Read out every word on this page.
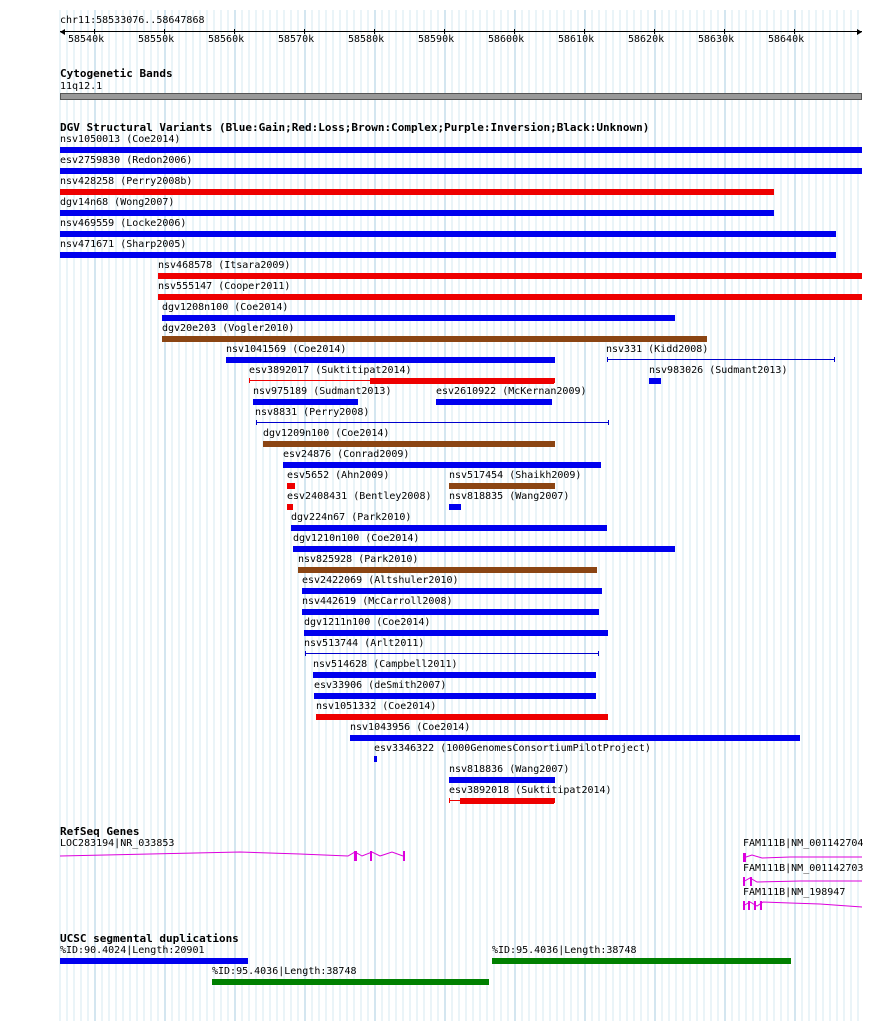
chr11:58533076..58647868
58540k	58550k	58560k	58570k	58580k	58590k	58600k	58610k	58620k	58630k	58640k
Cytogenetic Bands
11q12.1
DGV Structural Variants (Blue:Gain;Red:Loss;Brown:Complex;Purple:Inversion;Black:Unknown)
nsv1050013 (Coe2014)
esv2759830 (Redon2006)
nsv428258 (Perry2008b)
dgv14n68 (Wong2007)
nsv469559 (Locke2006)
nsv471671 (Sharp2005)
nsv468578 (Itsara2009)
nsv555147 (Cooper2011)
dgv1208n100 (Coe2014)
dgv20e203 (Vogler2010)
nsv1041569 (Coe2014)	nsv331 (Kidd2008)
esv3892017 (Suktitipat2014)	nsv983026 (Sudmant2013)
nsv975189 (Sudmant2013)	esv2610922 (McKernan2009)
nsv8831 (Perry2008)
dgv1209n100 (Coe2014)
esv24876 (Conrad2009)
esv5652 (Ahn2009)	nsv517454 (Shaikh2009)
esv2408431 (Bentley2008) nsv818835 (Wang2007)
dgv224n67 (Park2010)
dgv1210n100 (Coe2014)
nsv825928 (Park2010)
esv2422069 (Altshuler2010)
nsv442619 (McCarroll2008)
dgv1211n100 (Coe2014)
nsv513744 (Arlt2011)
nsv514628 (Campbell2011)
esv33906 (deSmith2007)
nsv1051332 (Coe2014)
nsv1043956 (Coe2014)
esv3346322 (1000GenomesConsortiumPilotProject)
nsv818836 (Wang2007)
esv3892018 (Suktitipat2014)
RefSeq Genes
LOC283194|NR_033853	FAM111B|NM_001142704
FAM111B|NM_001142703
FAM111B|NM_198947
UCSC segmental duplications
%ID:90.4024|Length:20901	%ID:95.4036|Length:38748
%ID:95.4036|Length:38748
